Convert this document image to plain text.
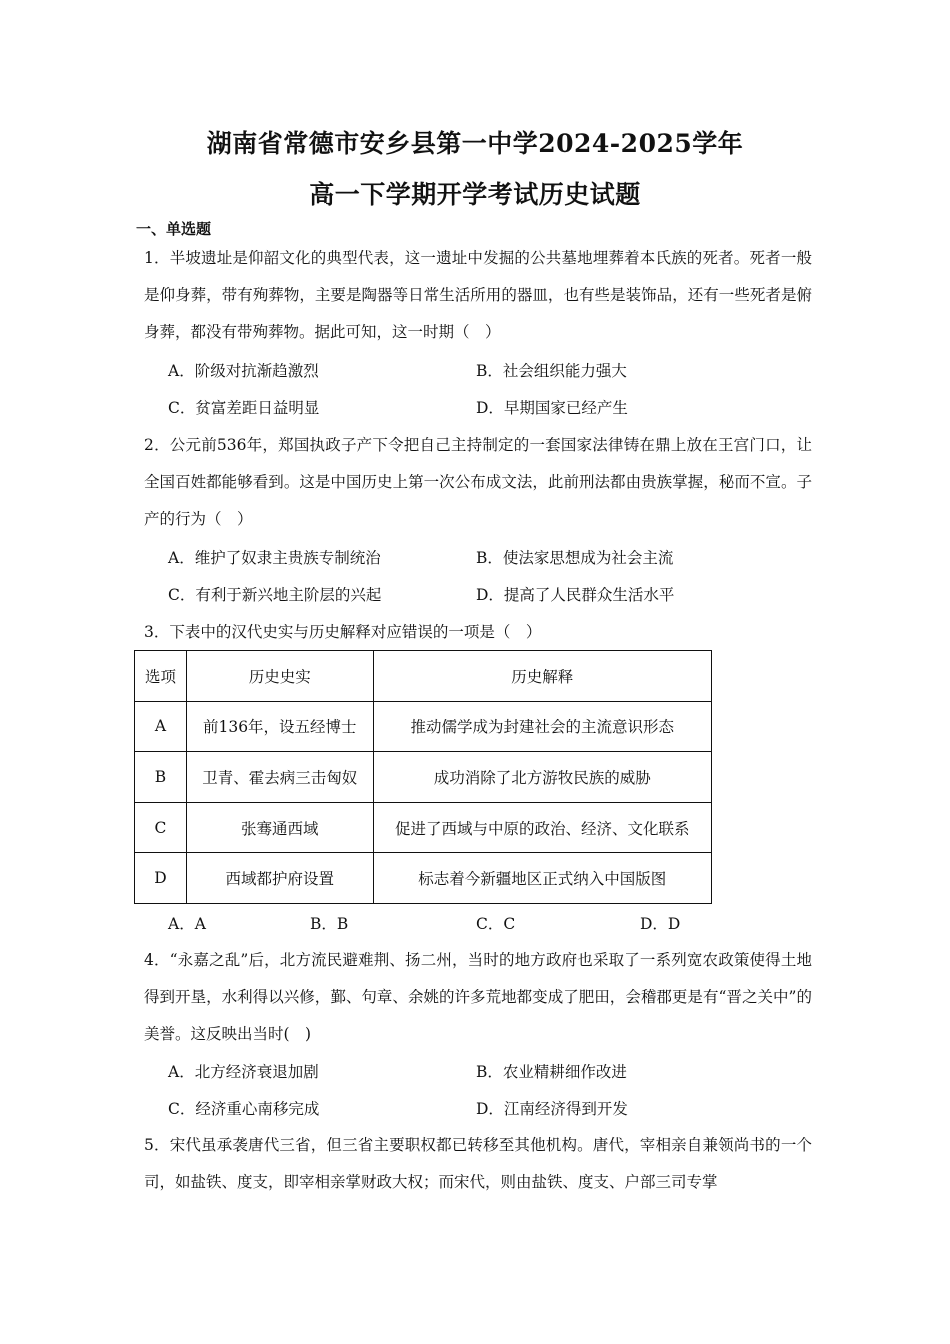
湖南省常德市安乡县第一中学2024-2025学年
高一下学期开学考试历史试题
一、单选题
1．半坡遗址是仰韶文化的典型代表，这一遗址中发掘的公共墓地埋葬着本氏族的死者。死者一般是仰身葬，带有殉葬物，主要是陶器等日常生活所用的器皿，也有些是装饰品，还有一些死者是俯身葬，都没有带殉葬物。据此可知，这一时期（　）
A．阶级对抗渐趋激烈	B．社会组织能力强大
C．贫富差距日益明显	D．早期国家已经产生
2．公元前536年，郑国执政子产下令把自己主持制定的一套国家法律铸在鼎上放在王宫门口，让全国百姓都能够看到。这是中国历史上第一次公布成文法，此前刑法都由贵族掌握，秘而不宣。子产的行为（　）
A．维护了奴隶主贵族专制统治	B．使法家思想成为社会主流
C．有利于新兴地主阶层的兴起	D．提高了人民群众生活水平
3．下表中的汉代史实与历史解释对应错误的一项是（　）
选项	历史史实	历史解释
A	前136年，设五经博士	推动儒学成为封建社会的主流意识形态
B	卫青、霍去病三击匈奴	成功消除了北方游牧民族的威胁
C	张骞通西域	促进了西域与中原的政治、经济、文化联系
D	西域都护府设置	标志着今新疆地区正式纳入中国版图
A．A	B．B	C．C	D．D
4．“永嘉之乱”后，北方流民避难荆、扬二州，当时的地方政府也采取了一系列宽农政策使得土地得到开垦，水利得以兴修，鄞、句章、余姚的许多荒地都变成了肥田，会稽郡更是有“晋之关中”的美誉。这反映出当时(　)
A．北方经济衰退加剧	B．农业精耕细作改进
C．经济重心南移完成	D．江南经济得到开发
5．宋代虽承袭唐代三省，但三省主要职权都已转移至其他机构。唐代，宰相亲自兼领尚书的一个司，如盐铁、度支，即宰相亲掌财政大权；而宋代，则由盐铁、度支、户部三司专掌
